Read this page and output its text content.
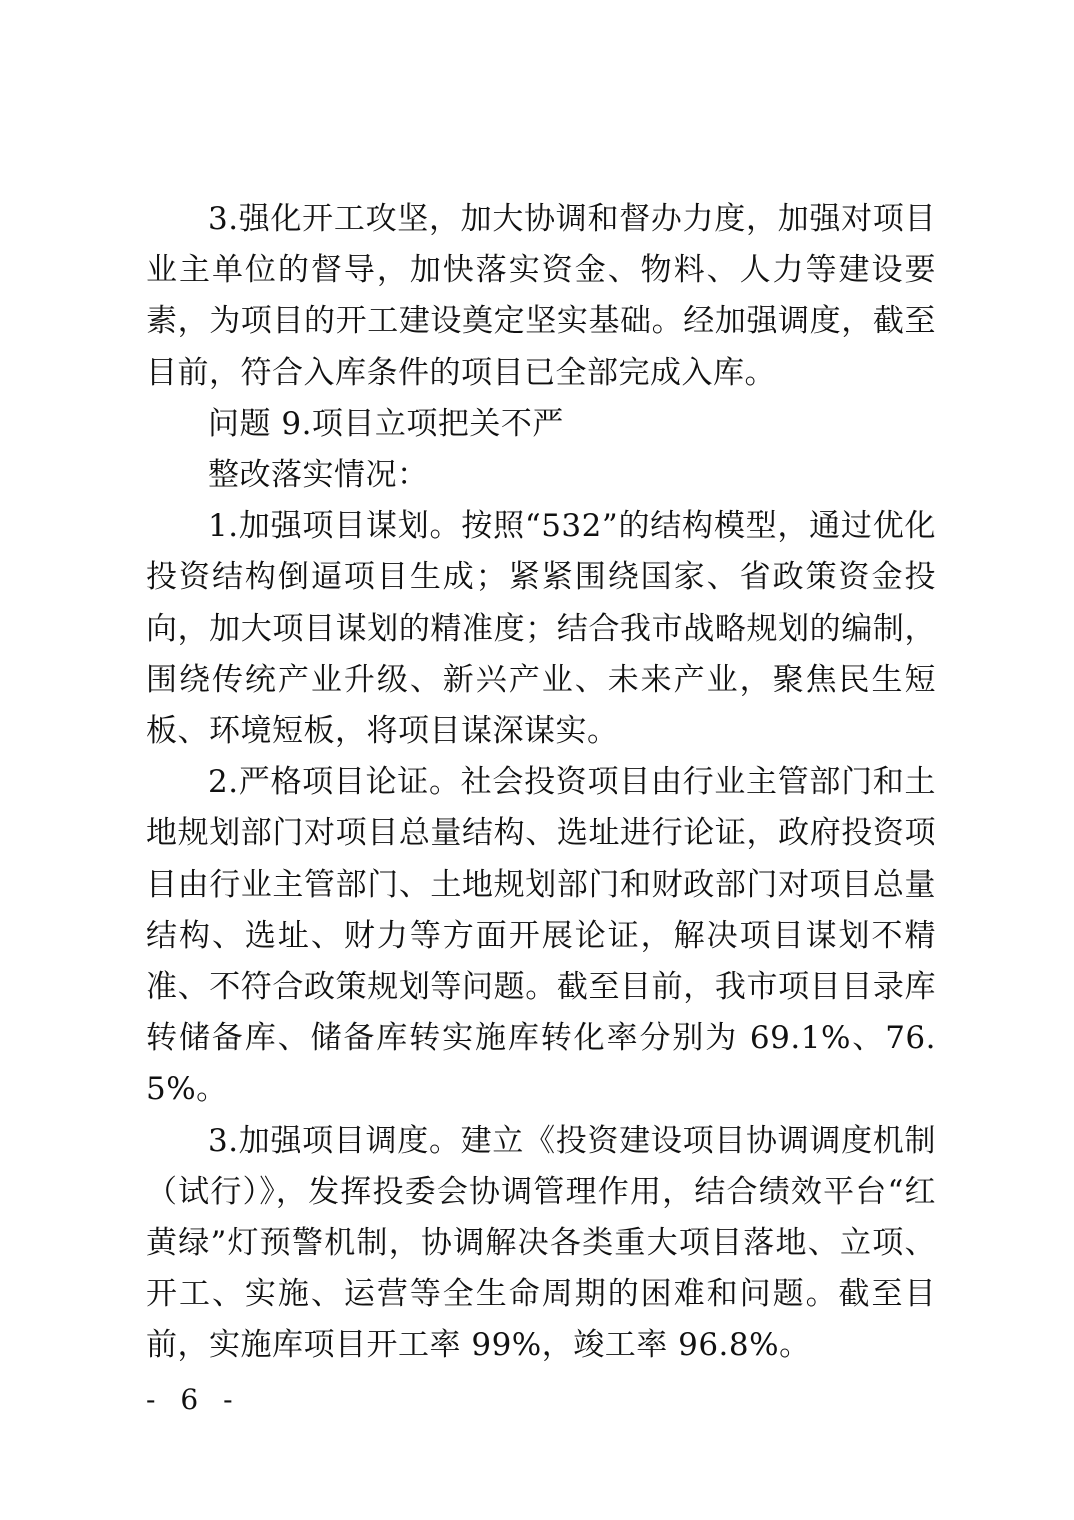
3.强化开工攻坚，加大协调和督办力度，加强对项目业主单位的督导，加快落实资金、物料、人力等建设要素，为项目的开工建设奠定坚实基础。经加强调度，截至目前，符合入库条件的项目已全部完成入库。

问题 9.项目立项把关不严

整改落实情况：

1.加强项目谋划。按照“532”的结构模型，通过优化投资结构倒逼项目生成；紧紧围绕国家、省政策资金投向，加大项目谋划的精准度；结合我市战略规划的编制，围绕传统产业升级、新兴产业、未来产业，聚焦民生短板、环境短板，将项目谋深谋实。

2.严格项目论证。社会投资项目由行业主管部门和土地规划部门对项目总量结构、选址进行论证，政府投资项目由行业主管部门、土地规划部门和财政部门对项目总量结构、选址、财力等方面开展论证，解决项目谋划不精准、不符合政策规划等问题。截至目前，我市项目目录库转储备库、储备库转实施库转化率分别为 69.1%、76.5%。

3.加强项目调度。建立《投资建设项目协调调度机制（试行）》，发挥投委会协调管理作用，结合绩效平台“红黄绿”灯预警机制，协调解决各类重大项目落地、立项、开工、实施、运营等全生命周期的困难和问题。截至目前，实施库项目开工率 99%，竣工率 96.8%。

- 6 -
